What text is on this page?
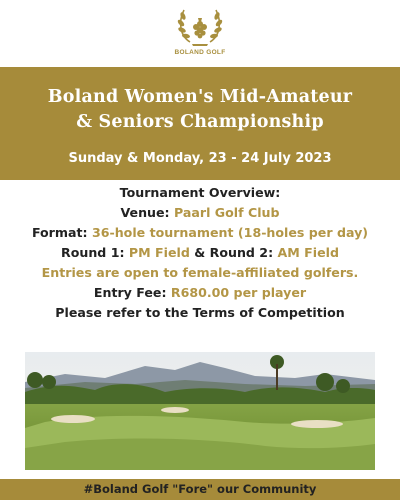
BOLAND GOLF
Boland Women's Mid-Amateur
& Seniors Championship
Sunday & Monday, 23 - 24 July 2023
Tournament Overview:
Venue: Paarl Golf Club
Format: 36-hole tournament (18-holes per day)
Round 1: PM Field & Round 2: AM Field
Entries are open to female-affiliated golfers.
Entry Fee: R680.00 per player
Please refer to the Terms of Competition
#Boland Golf "Fore" our Community
